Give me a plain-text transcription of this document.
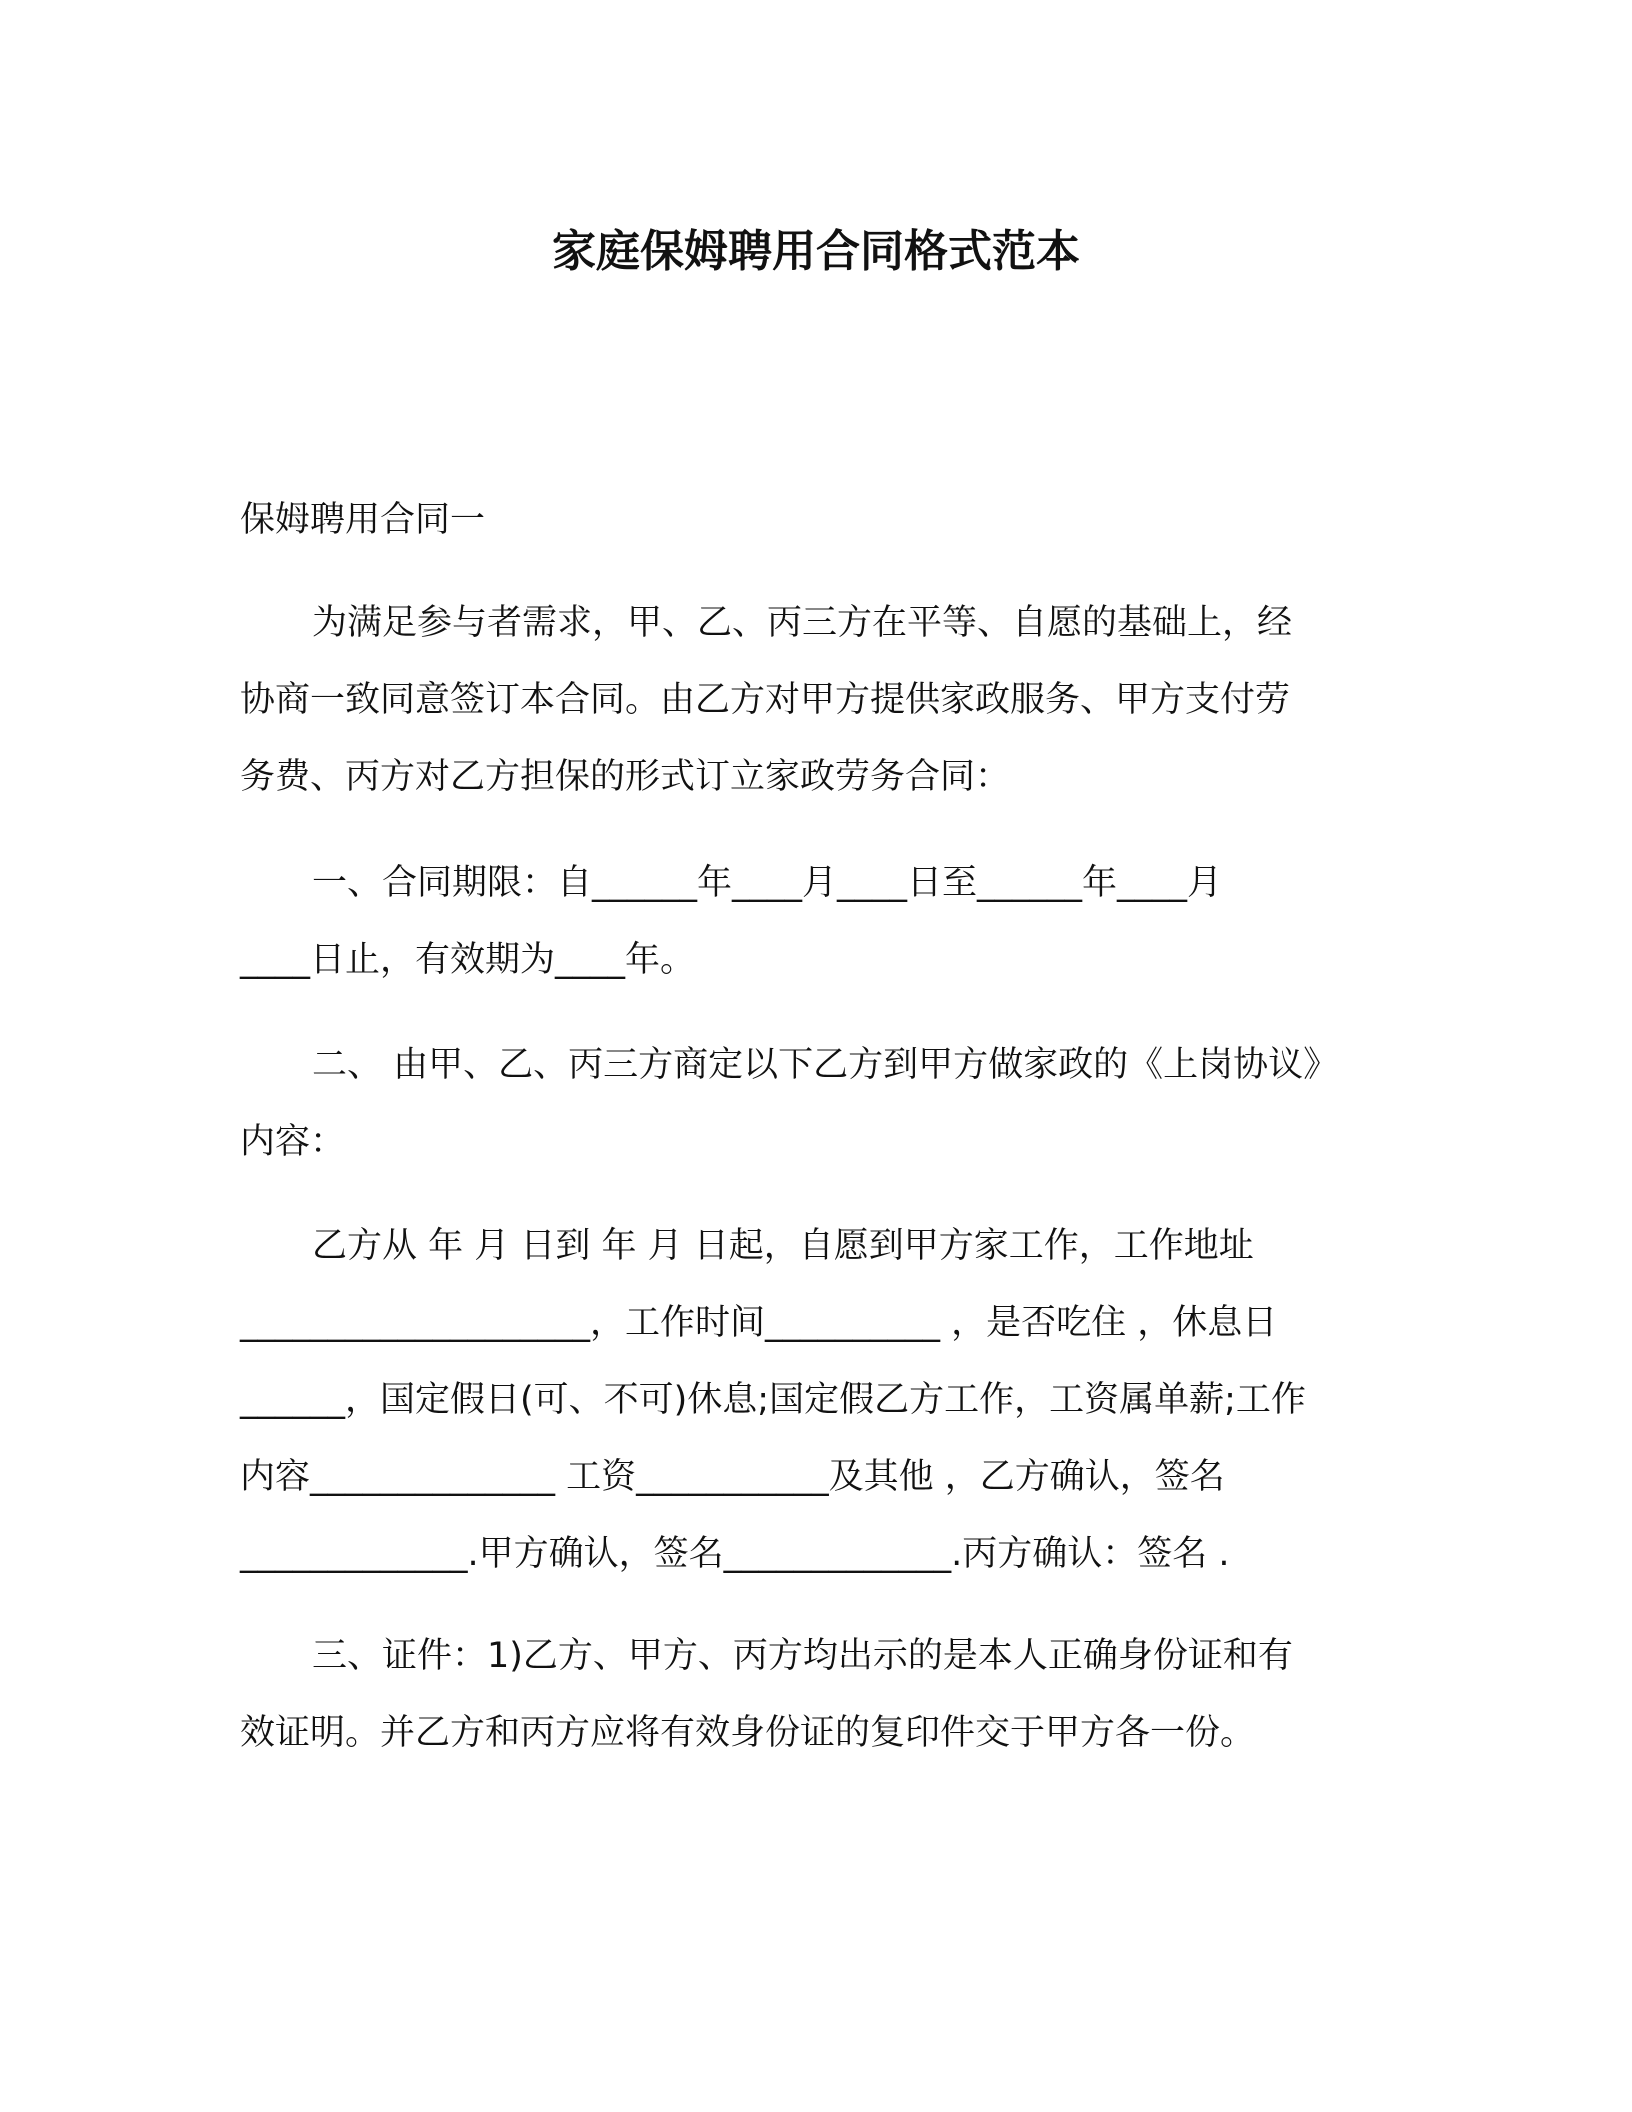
家庭保姆聘用合同格式范本
保姆聘用合同一
为满足参与者需求，甲、乙、丙三方在平等、自愿的基础上，经
协商一致同意签订本合同。由乙方对甲方提供家政服务、甲方支付劳
务费、丙方对乙方担保的形式订立家政劳务合同：
一、合同期限：自______年____月____日至______年____月
____日止，有效期为____年。
二、 由甲、乙、丙三方商定以下乙方到甲方做家政的《上岗协议》
内容：
乙方从 年 月 日到 年 月 日起，自愿到甲方家工作，工作地址
____________________，工作时间__________ ，是否吃住 ，休息日
______，国定假日(可、不可)休息;国定假乙方工作，工资属单薪;工作
内容______________ 工资___________及其他 ，乙方确认，签名
_____________.甲方确认，签名_____________.丙方确认：签名 .
三、证件：1)乙方、甲方、丙方均出示的是本人正确身份证和有
效证明。并乙方和丙方应将有效身份证的复印件交于甲方各一份。
